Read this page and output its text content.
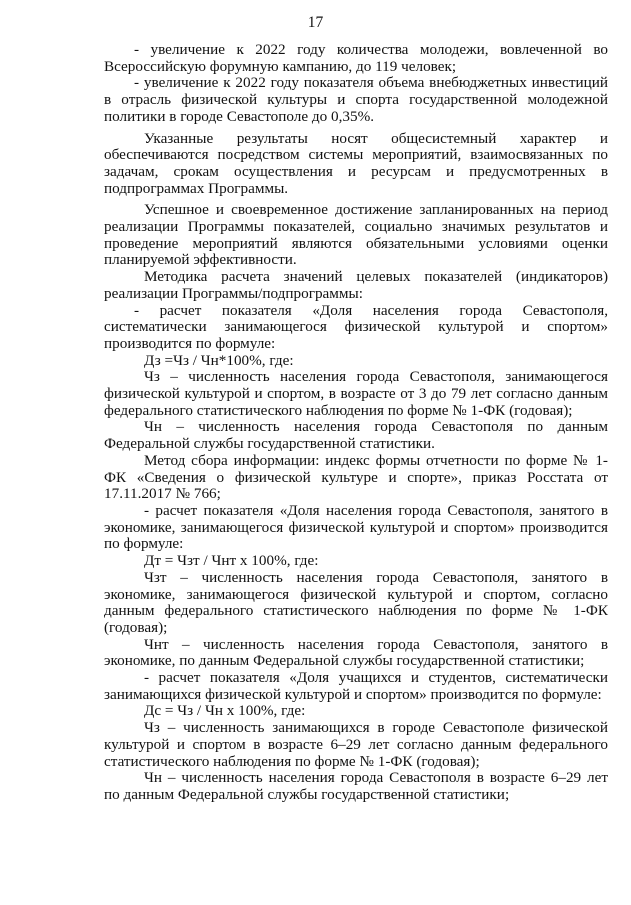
17

- увеличение к 2022 году количества молодежи, вовлеченной во Всероссийскую форумную кампанию, до 119 человек;

- увеличение к 2022 году показателя объема внебюджетных инвестиций в отрасль физической культуры и спорта государственной молодежной политики в городе Севастополе до 0,35%.

Указанные результаты носят общесистемный характер и обеспечиваются посредством системы мероприятий, взаимосвязанных по задачам, срокам осуществления и ресурсам и предусмотренных в подпрограммах Программы.

Успешное и своевременное достижение запланированных на период реализации Программы показателей, социально значимых результатов и проведение мероприятий являются обязательными условиями оценки планируемой эффективности.

Методика расчета значений целевых показателей (индикаторов) реализации Программы/подпрограммы:

- расчет показателя «Доля населения города Севастополя, систематически занимающегося физической культурой и спортом» производится по формуле:

Дз =Чз / Чн*100%, где:

Чз – численность населения города Севастополя, занимающегося физической культурой и спортом, в возрасте от 3 до 79 лет согласно данным федерального статистического наблюдения по форме № 1-ФК (годовая);

Чн – численность населения города Севастополя по данным Федеральной службы государственной статистики.

Метод сбора информации: индекс формы отчетности по форме № 1-ФК «Сведения о физической культуре и спорте», приказ Росстата от 17.11.2017 № 766;

- расчет показателя «Доля населения города Севастополя, занятого в экономике, занимающегося физической культурой и спортом» производится по формуле:

Дт = Чзт / Чнт х 100%, где:

Чзт – численность населения города Севастополя, занятого в экономике, занимающегося физической культурой и спортом, согласно данным федерального статистического наблюдения по форме № 1-ФК (годовая);

Чнт – численность населения города Севастополя, занятого в экономике, по данным Федеральной службы государственной статистики;

- расчет показателя «Доля учащихся и студентов, систематически занимающихся физической культурой и спортом» производится по формуле:

Дс = Чз / Чн х 100%, где:

Чз – численность занимающихся в городе Севастополе физической культурой и спортом в возрасте 6–29 лет согласно данным федерального статистического наблюдения по форме № 1-ФК (годовая);

Чн – численность населения города Севастополя в возрасте 6–29 лет по данным Федеральной службы государственной статистики;
